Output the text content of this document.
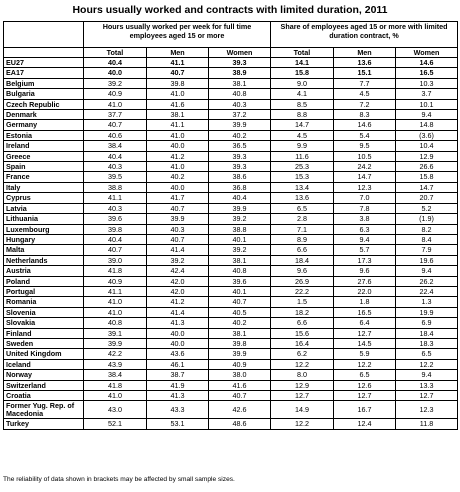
Hours usually worked and contracts with limited duration, 2011
	Hours usually worked per week for full time employees aged 15 or more			Share of employees aged 15 or more with limited duration contract, %		
	Total	Men	Women	Total	Men	Women
EU27	40.4	41.1	39.3	14.1	13.6	14.6
EA17	40.0	40.7	38.9	15.8	15.1	16.5
Belgium	39.2	39.8	38.1	9.0	7.7	10.3
Bulgaria	40.9	41.0	40.8	4.1	4.5	3.7
Czech Republic	41.0	41.6	40.3	8.5	7.2	10.1
Denmark	37.7	38.1	37.2	8.8	8.3	9.4
Germany	40.7	41.1	39.9	14.7	14.6	14.8
Estonia	40.6	41.0	40.2	4.5	5.4	(3.6)
Ireland	38.4	40.0	36.5	9.9	9.5	10.4
Greece	40.4	41.2	39.3	11.6	10.5	12.9
Spain	40.3	41.0	39.3	25.3	24.2	26.6
France	39.5	40.2	38.6	15.3	14.7	15.8
Italy	38.8	40.0	36.8	13.4	12.3	14.7
Cyprus	41.1	41.7	40.4	13.6	7.0	20.7
Latvia	40.3	40.7	39.9	6.5	7.8	5.2
Lithuania	39.6	39.9	39.2	2.8	3.8	(1.9)
Luxembourg	39.8	40.3	38.8	7.1	6.3	8.2
Hungary	40.4	40.7	40.1	8.9	9.4	8.4
Malta	40.7	41.4	39.2	6.6	5.7	7.9
Netherlands	39.0	39.2	38.1	18.4	17.3	19.6
Austria	41.8	42.4	40.8	9.6	9.6	9.4
Poland	40.9	42.0	39.6	26.9	27.6	26.2
Portugal	41.1	42.0	40.1	22.2	22.0	22.4
Romania	41.0	41.2	40.7	1.5	1.8	1.3
Slovenia	41.0	41.4	40.5	18.2	16.5	19.9
Slovakia	40.8	41.3	40.2	6.6	6.4	6.9
Finland	39.1	40.0	38.1	15.6	12.7	18.4
Sweden	39.9	40.0	39.8	16.4	14.5	18.3
United Kingdom	42.2	43.6	39.9	6.2	5.9	6.5
Iceland	43.9	46.1	40.9	12.2	12.2	12.2
Norway	38.4	38.7	38.0	8.0	6.5	9.4
Switzerland	41.8	41.9	41.6	12.9	12.6	13.3
Croatia	41.0	41.3	40.7	12.7	12.7	12.7
Former Yug. Rep. of Macedonia	43.0	43.3	42.6	14.9	16.7	12.3
Turkey	52.1	53.1	48.6	12.2	12.4	11.8
The reliability of data shown in brackets may be affected by small sample sizes.
